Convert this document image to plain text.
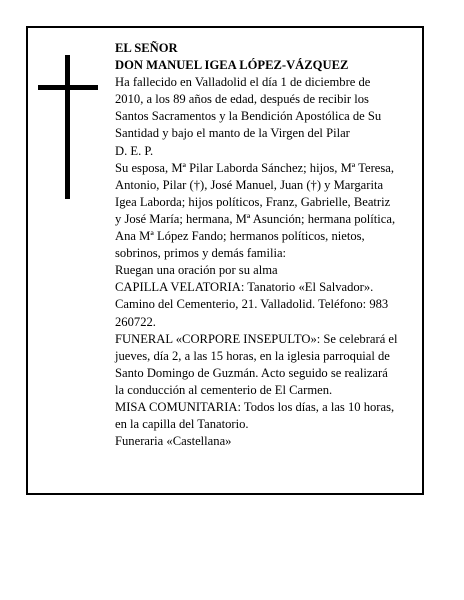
EL SEÑOR

DON MANUEL IGEA LÓPEZ-VÁZQUEZ

Ha fallecido en Valladolid el día 1 de diciembre de

2010, a los 89 años de edad, después de recibir los

Santos Sacramentos y la Bendición Apostólica de Su

Santidad y bajo el manto de la Virgen del Pilar

D. E. P.

Su esposa, Mª Pilar Laborda Sánchez; hijos, Mª Teresa,

Antonio, Pilar (†), José Manuel, Juan (†) y Margarita

Igea Laborda; hijos políticos, Franz, Gabrielle, Beatriz

y José María; hermana, Mª Asunción; hermana política,

Ana Mª López Fando; hermanos políticos, nietos,

sobrinos, primos y demás familia:

Ruegan una oración por su alma

CAPILLA VELATORIA: Tanatorio «El Salvador».

Camino del Cementerio, 21. Valladolid. Teléfono: 983

260722.

FUNERAL «CORPORE INSEPULTO»: Se celebrará el

jueves, día 2, a las 15 horas, en la iglesia parroquial de

Santo Domingo de Guzmán. Acto seguido se realizará

la conducción al cementerio de El Carmen.

MISA COMUNITARIA: Todos los días, a las 10 horas,

en la capilla del Tanatorio.

Funeraria «Castellana»
